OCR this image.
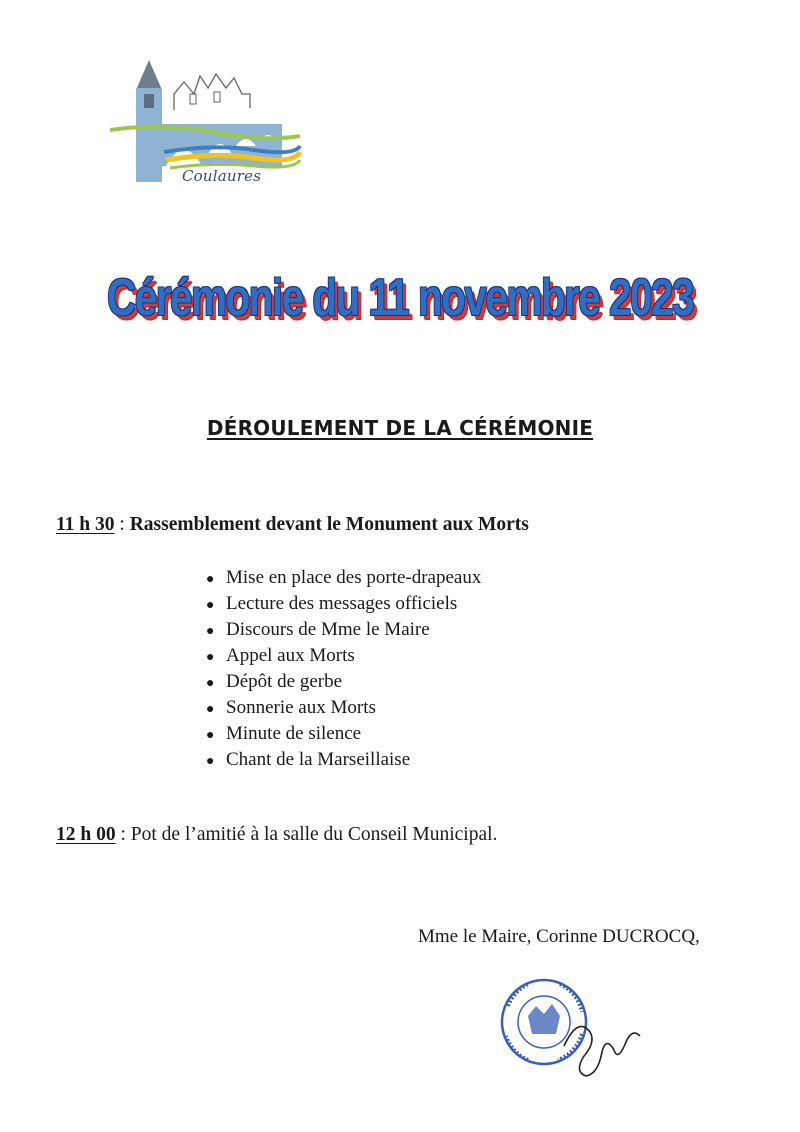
Coulaures
Cérémonie du 11 novembre 2023
DÉROULEMENT DE LA CÉRÉMONIE
11 h 30 : Rassemblement devant le Monument aux Morts
● Mise en place des porte-drapeaux
● Lecture des messages officiels
● Discours de Mme le Maire
● Appel aux Morts
● Dépôt de gerbe
● Sonnerie aux Morts
● Minute de silence
● Chant de la Marseillaise
12 h 00 : Pot de l’amitié à la salle du Conseil Municipal.
Mme le Maire, Corinne DUCROCQ,
